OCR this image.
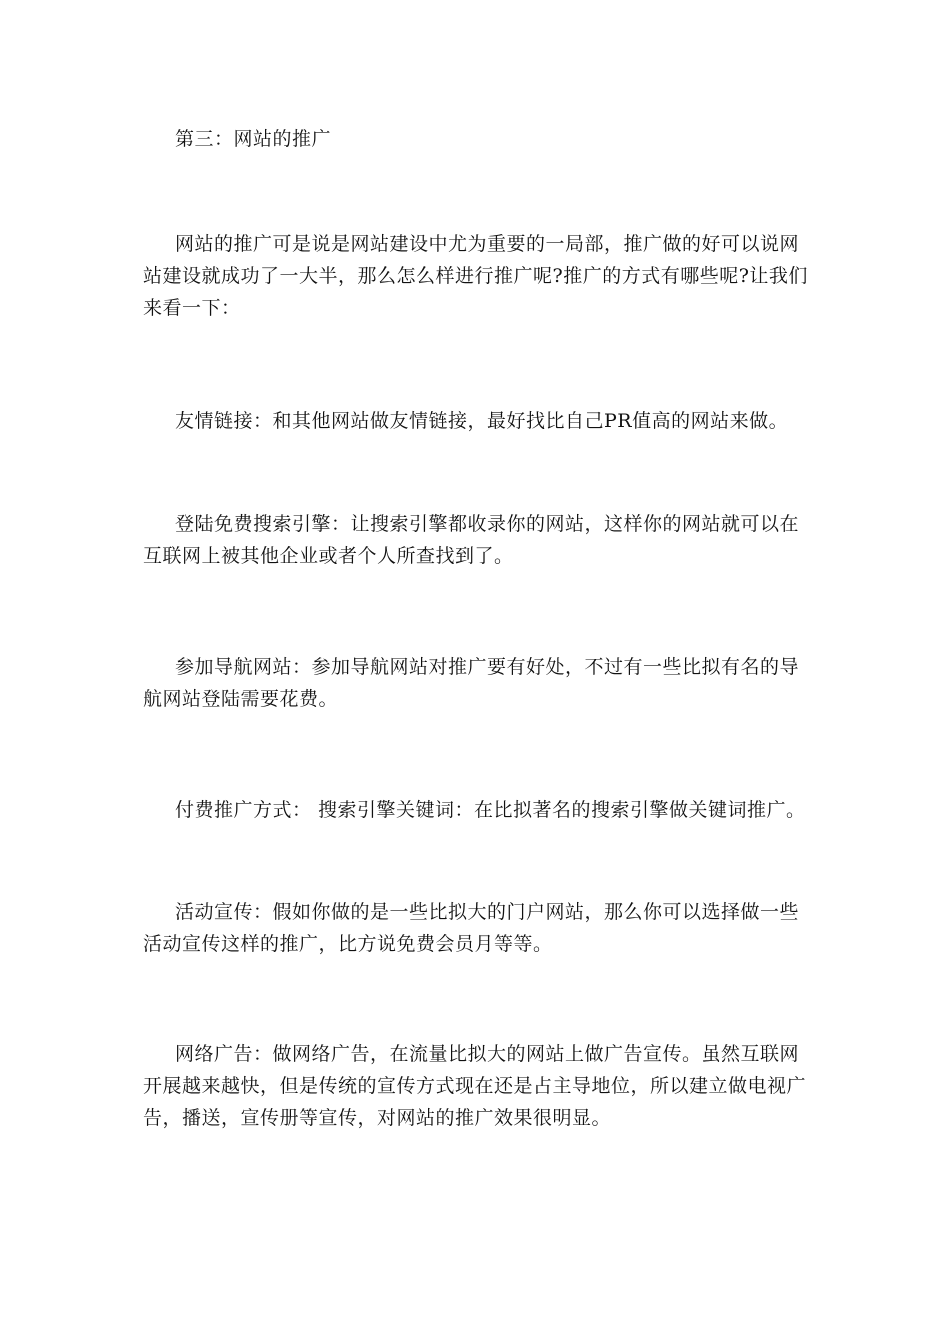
第三：网站的推广

网站的推广可是说是网站建设中尤为重要的一局部，推广做的好可以说网站建设就成功了一大半，那么怎么样进行推广呢?推广的方式有哪些呢?让我们来看一下：

友情链接：和其他网站做友情链接，最好找比自己PR值高的网站来做。

登陆免费搜索引擎：让搜索引擎都收录你的网站，这样你的网站就可以在互联网上被其他企业或者个人所查找到了。

参加导航网站：参加导航网站对推广要有好处，不过有一些比拟有名的导航网站登陆需要花费。

付费推广方式： 搜索引擎关键词：在比拟著名的搜索引擎做关键词推广。

活动宣传：假如你做的是一些比拟大的门户网站，那么你可以选择做一些活动宣传这样的推广，比方说免费会员月等等。

网络广告：做网络广告，在流量比拟大的网站上做广告宣传。虽然互联网开展越来越快，但是传统的宣传方式现在还是占主导地位，所以建立做电视广告，播送，宣传册等宣传，对网站的推广效果很明显。
